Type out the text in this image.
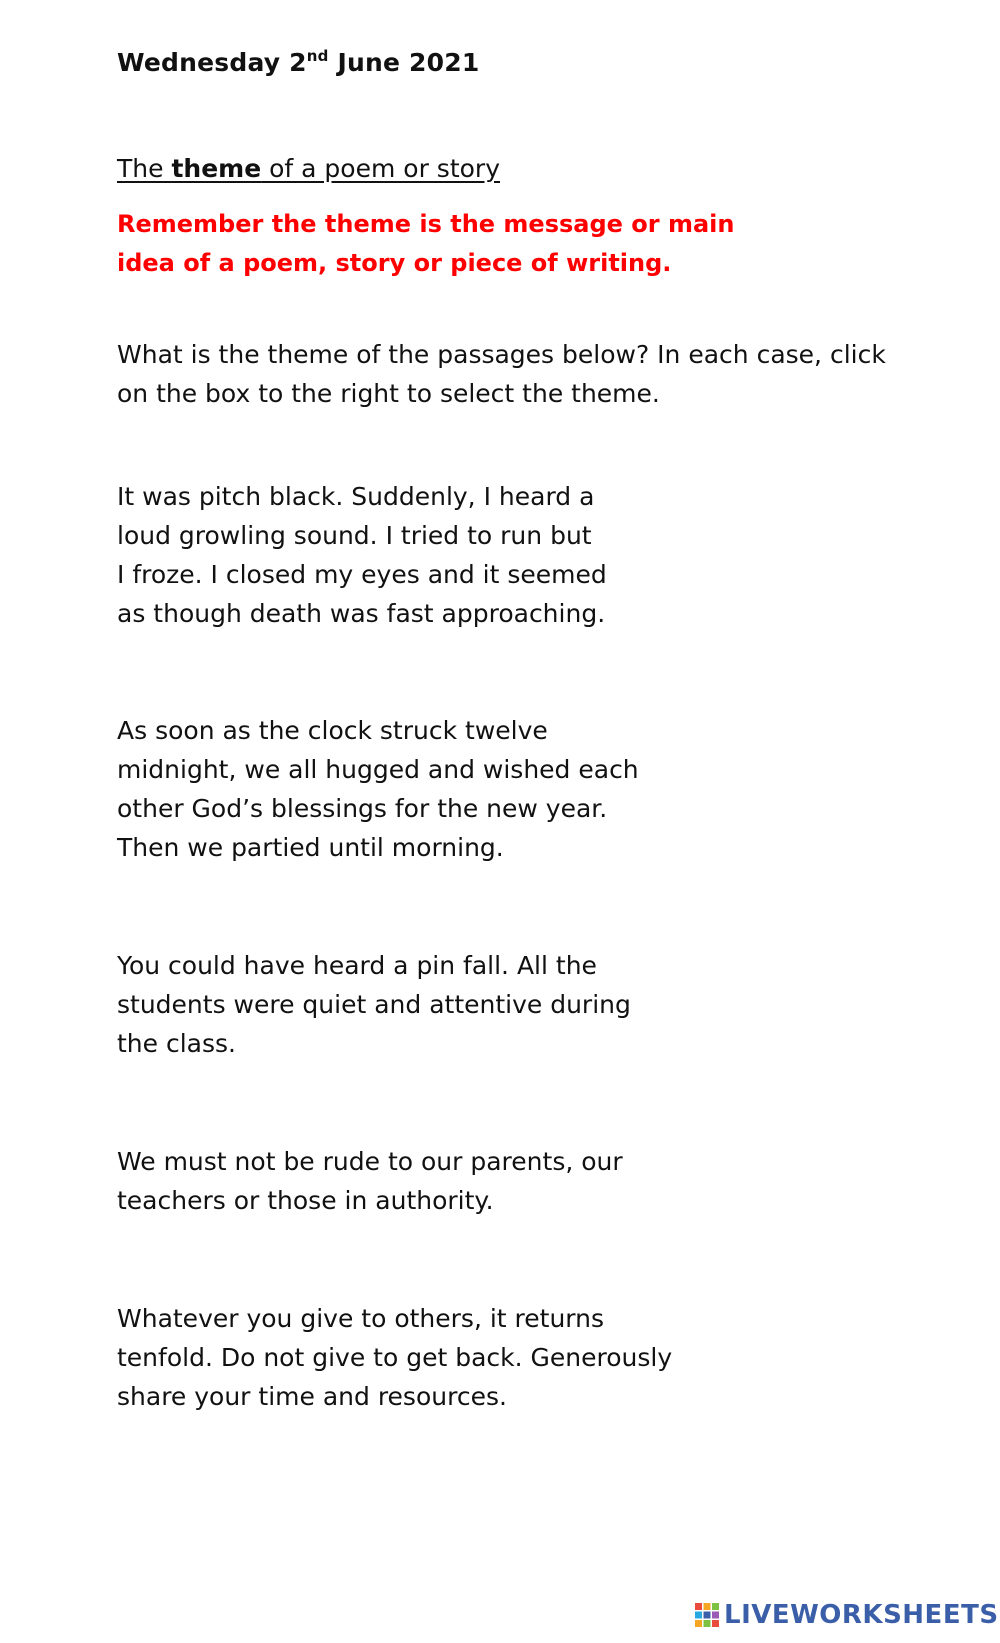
Wednesday 2nd June 2021
The theme of a poem or story
Remember the theme is the message or main
idea of a poem, story or piece of writing.
What is the theme of the passages below? In each case, click
on the box to the right to select the theme.
It was pitch black. Suddenly, I heard a
loud growling sound. I tried to run but
I froze. I closed my eyes and it seemed
as though death was fast approaching.
As soon as the clock struck twelve
midnight, we all hugged and wished each
other God’s blessings for the new year.
Then we partied until morning.
You could have heard a pin fall. All the
students were quiet and attentive during
the class.
We must not be rude to our parents, our
teachers or those in authority.
Whatever you give to others, it returns
tenfold. Do not give to get back. Generously
share your time and resources.
LIVEWORKSHEETS
